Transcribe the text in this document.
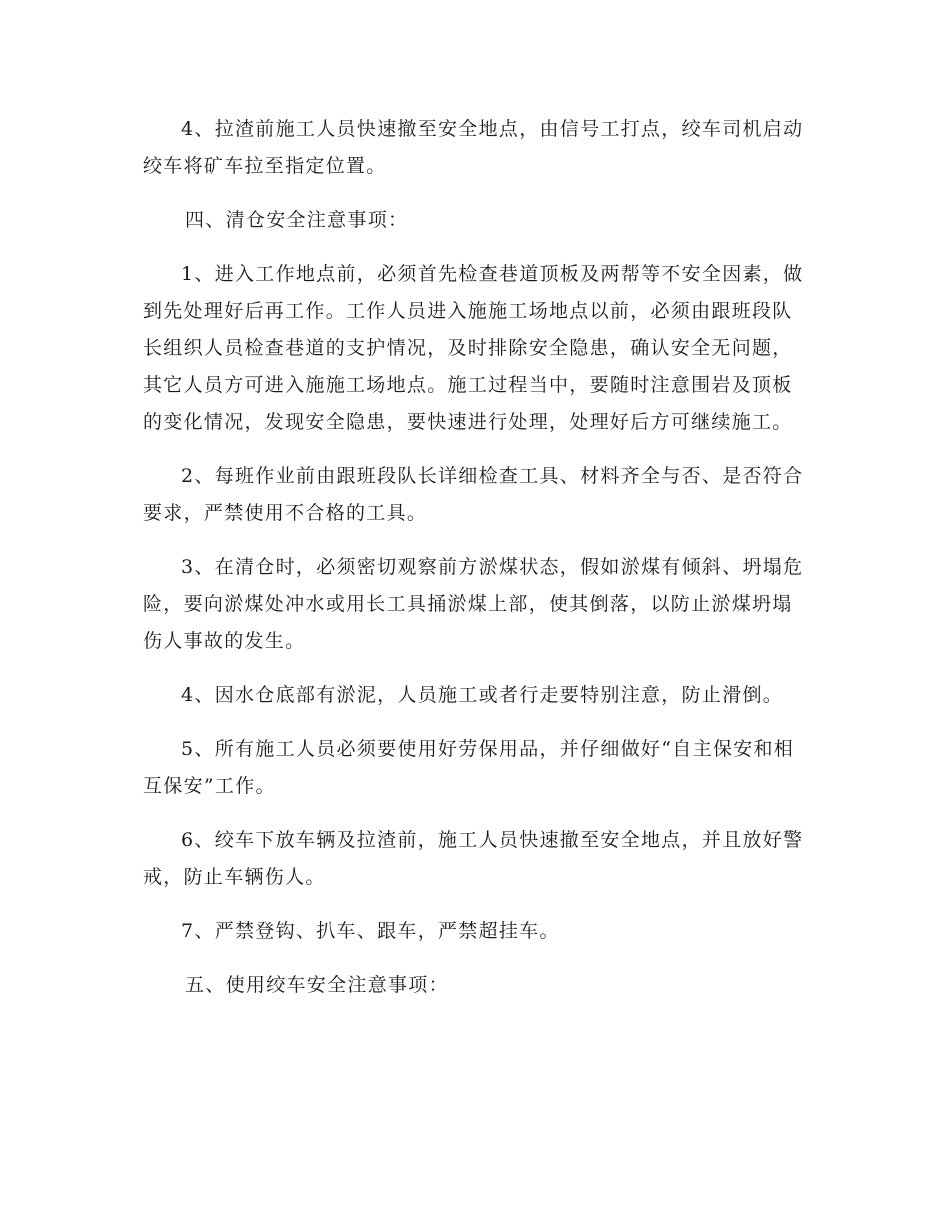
4、拉渣前施工人员快速撤至安全地点，由信号工打点，绞车司机启动绞车将矿车拉至指定位置。

四、清仓安全注意事项：

1、进入工作地点前，必须首先检查巷道顶板及两帮等不安全因素，做到先处理好后再工作。工作人员进入施施工场地点以前，必须由跟班段队长组织人员检查巷道的支护情况，及时排除安全隐患，确认安全无问题，其它人员方可进入施施工场地点。施工过程当中，要随时注意围岩及顶板的变化情况，发现安全隐患，要快速进行处理，处理好后方可继续施工。

2、每班作业前由跟班段队长详细检查工具、材料齐全与否、是否符合要求，严禁使用不合格的工具。

3、在清仓时，必须密切观察前方淤煤状态，假如淤煤有倾斜、坍塌危险，要向淤煤处冲水或用长工具捅淤煤上部，使其倒落，以防止淤煤坍塌伤人事故的发生。

4、因水仓底部有淤泥，人员施工或者行走要特别注意，防止滑倒。

5、所有施工人员必须要使用好劳保用品，并仔细做好“自主保安和相互保安”工作。

6、绞车下放车辆及拉渣前，施工人员快速撤至安全地点，并且放好警戒，防止车辆伤人。

7、严禁登钩、扒车、跟车，严禁超挂车。

五、使用绞车安全注意事项：
